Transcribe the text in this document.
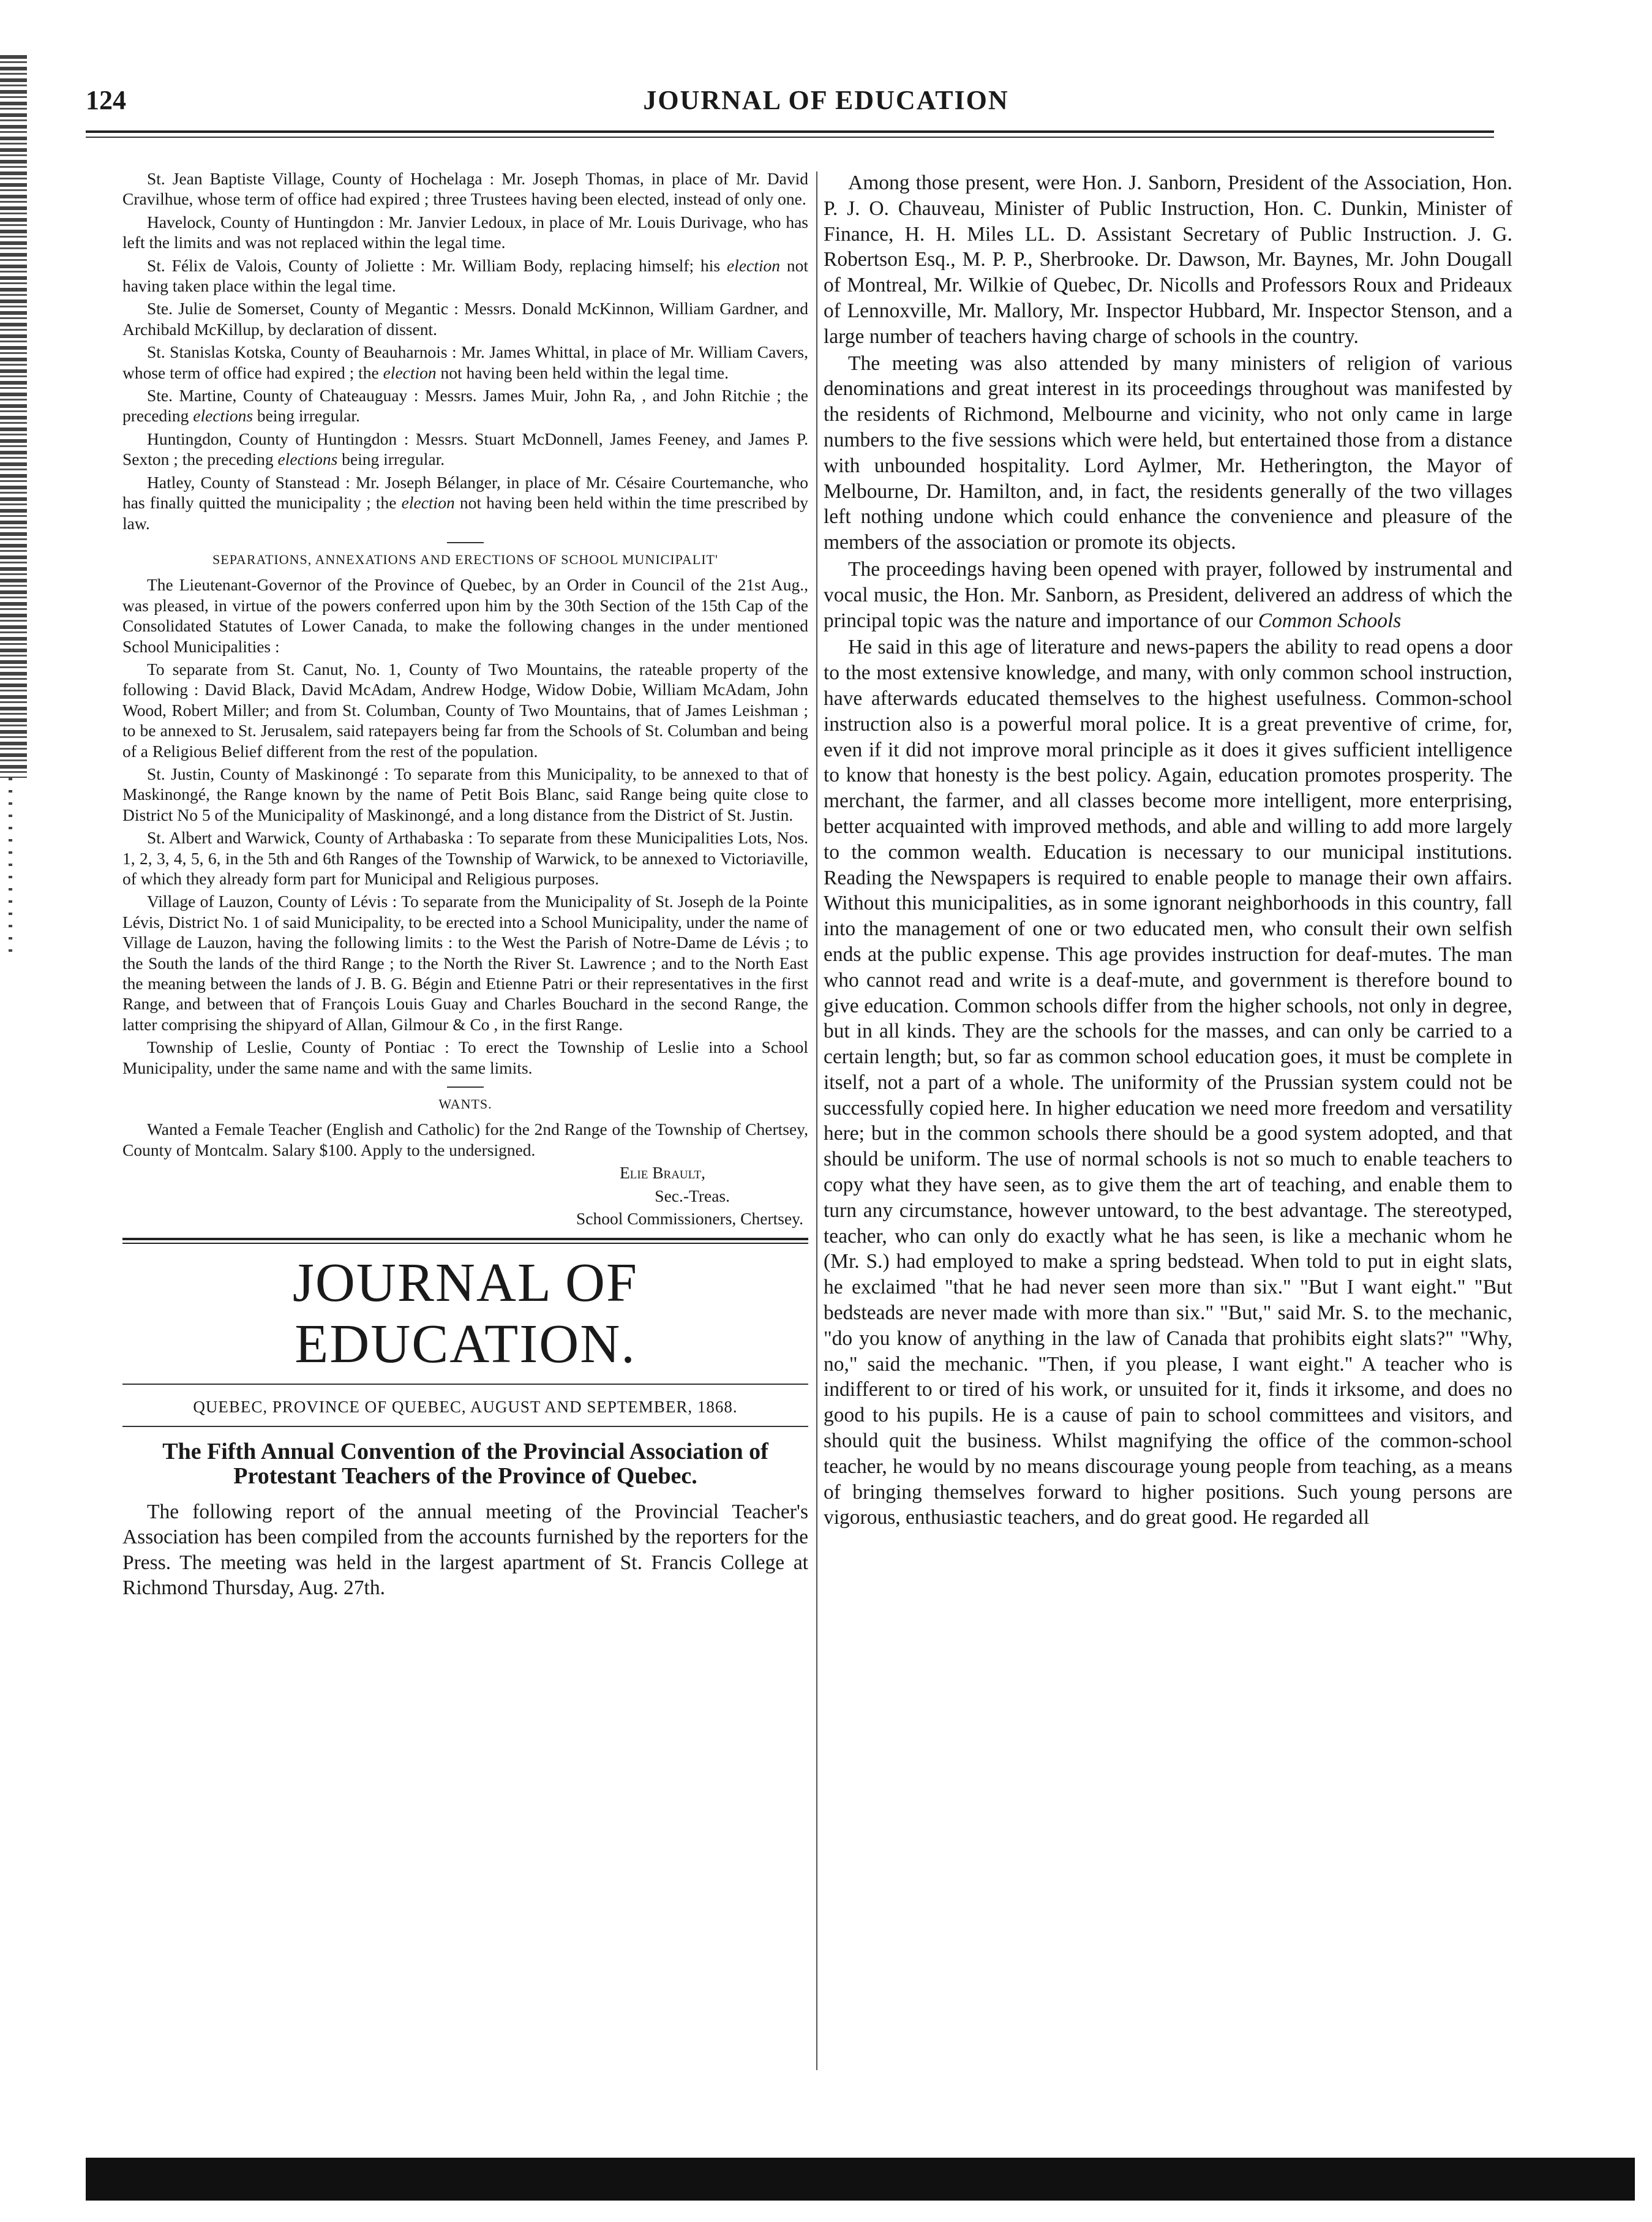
124	JOURNAL OF EDUCATION

St. Jean Baptiste Village, County of Hochelaga : Mr. Joseph Thomas, in place of Mr. David Cravilhue, whose term of office had expired ; three Trustees having been elected, instead of only one.

Havelock, County of Huntingdon : Mr. Janvier Ledoux, in place of Mr. Louis Durivage, who has left the limits and was not replaced within the legal time.

St. Félix de Valois, County of Joliette : Mr. William Body, replacing himself; his election not having taken place within the legal time.

Ste. Julie de Somerset, County of Megantic : Messrs. Donald McKinnon, William Gardner, and Archibald McKillup, by declaration of dissent.

St. Stanislas Kotska, County of Beauharnois : Mr. James Whittal, in place of Mr. William Cavers, whose term of office had expired ; the election not having been held within the legal time.

Ste. Martine, County of Chateauguay : Messrs. James Muir, John Ra, , and John Ritchie ; the preceding elections being irregular.

Huntingdon, County of Huntingdon : Messrs. Stuart McDonnell, James Feeney, and James P. Sexton ; the preceding elections being irregular.

Hatley, County of Stanstead : Mr. Joseph Bélanger, in place of Mr. Césaire Courtemanche, who has finally quitted the municipality ; the election not having been held within the time prescribed by law.

SEPARATIONS, ANNEXATIONS AND ERECTIONS OF SCHOOL MUNICIPALIT'

The Lieutenant-Governor of the Province of Quebec, by an Order in Council of the 21st Aug., was pleased, in virtue of the powers conferred upon him by the 30th Section of the 15th Cap of the Consolidated Statutes of Lower Canada, to make the following changes in the under mentioned School Municipalities :

To separate from St. Canut, No. 1, County of Two Mountains, the rateable property of the following : David Black, David McAdam, Andrew Hodge, Widow Dobie, William McAdam, John Wood, Robert Miller; and from St. Columban, County of Two Mountains, that of James Leishman ; to be annexed to St. Jerusalem, said ratepayers being far from the Schools of St. Columban and being of a Religious Belief different from the rest of the population.

St. Justin, County of Maskinongé : To separate from this Municipality, to be annexed to that of Maskinongé, the Range known by the name of Petit Bois Blanc, said Range being quite close to District No 5 of the Municipality of Maskinongé, and a long distance from the District of St. Justin.

St. Albert and Warwick, County of Arthabaska : To separate from these Municipalities Lots, Nos. 1, 2, 3, 4, 5, 6, in the 5th and 6th Ranges of the Township of Warwick, to be annexed to Victoriaville, of which they already form part for Municipal and Religious purposes.

Village of Lauzon, County of Lévis : To separate from the Municipality of St. Joseph de la Pointe Lévis, District No. 1 of said Municipality, to be erected into a School Municipality, under the name of Village de Lauzon, having the following limits : to the West the Parish of Notre-Dame de Lévis ; to the South the lands of the third Range ; to the North the River St. Lawrence ; and to the North East the meaning between the lands of J. B. G. Bégin and Etienne Patri or their representatives in the first Range, and between that of François Louis Guay and Charles Bouchard in the second Range, the latter comprising the shipyard of Allan, Gilmour & Co , in the first Range.

Township of Leslie, County of Pontiac : To erect the Township of Leslie into a School Municipality, under the same name and with the same limits.

WANTS.

Wanted a Female Teacher (English and Catholic) for the 2nd Range of the Township of Chertsey, County of Montcalm. Salary $100. Apply to the undersigned.

Elie Brault,

Sec.-Treas.

School Commissioners, Chertsey.

JOURNAL OF EDUCATION.
QUEBEC, PROVINCE OF QUEBEC, AUGUST AND SEPTEMBER, 1868.
The Fifth Annual Convention of the Provincial Association of Protestant Teachers of the Province of Quebec.

The following report of the annual meeting of the Provincial Teacher's Association has been compiled from the accounts furnished by the reporters for the Press. The meeting was held in the largest apartment of St. Francis College at Richmond Thursday, Aug. 27th.

Among those present, were Hon. J. Sanborn, President of the Association, Hon. P. J. O. Chauveau, Minister of Public Instruction, Hon. C. Dunkin, Minister of Finance, H. H. Miles LL. D. Assistant Secretary of Public Instruction. J. G. Robertson Esq., M. P. P., Sherbrooke. Dr. Dawson, Mr. Baynes, Mr. John Dougall of Montreal, Mr. Wilkie of Quebec, Dr. Nicolls and Professors Roux and Prideaux of Lennoxville, Mr. Mallory, Mr. Inspector Hubbard, Mr. Inspector Stenson, and a large number of teachers having charge of schools in the country.

The meeting was also attended by many ministers of religion of various denominations and great interest in its proceedings throughout was manifested by the residents of Richmond, Melbourne and vicinity, who not only came in large numbers to the five sessions which were held, but entertained those from a distance with unbounded hospitality. Lord Aylmer, Mr. Hetherington, the Mayor of Melbourne, Dr. Hamilton, and, in fact, the residents generally of the two villages left nothing undone which could enhance the convenience and pleasure of the members of the association or promote its objects.

The proceedings having been opened with prayer, followed by instrumental and vocal music, the Hon. Mr. Sanborn, as President, delivered an address of which the principal topic was the nature and importance of our Common Schools

He said in this age of literature and news-papers the ability to read opens a door to the most extensive knowledge, and many, with only common school instruction, have afterwards educated themselves to the highest usefulness. Common-school instruction also is a powerful moral police. It is a great preventive of crime, for, even if it did not improve moral principle as it does it gives sufficient intelligence to know that honesty is the best policy. Again, education promotes prosperity. The merchant, the farmer, and all classes become more intelligent, more enterprising, better acquainted with improved methods, and able and willing to add more largely to the common wealth. Education is necessary to our municipal institutions. Reading the Newspapers is required to enable people to manage their own affairs. Without this municipalities, as in some ignorant neighborhoods in this country, fall into the management of one or two educated men, who consult their own selfish ends at the public expense. This age provides instruction for deaf-mutes. The man who cannot read and write is a deaf-mute, and government is therefore bound to give education. Common schools differ from the higher schools, not only in degree, but in all kinds. They are the schools for the masses, and can only be carried to a certain length; but, so far as common school education goes, it must be complete in itself, not a part of a whole. The uniformity of the Prussian system could not be successfully copied here. In higher education we need more freedom and versatility here; but in the common schools there should be a good system adopted, and that should be uniform. The use of normal schools is not so much to enable teachers to copy what they have seen, as to give them the art of teaching, and enable them to turn any circumstance, however untoward, to the best advantage. The stereotyped, teacher, who can only do exactly what he has seen, is like a mechanic whom he (Mr. S.) had employed to make a spring bedstead. When told to put in eight slats, he exclaimed "that he had never seen more than six." "But I want eight." "But bedsteads are never made with more than six." "But," said Mr. S. to the mechanic, "do you know of anything in the law of Canada that prohibits eight slats?" "Why, no," said the mechanic. "Then, if you please, I want eight." A teacher who is indifferent to or tired of his work, or unsuited for it, finds it irksome, and does no good to his pupils. He is a cause of pain to school committees and visitors, and should quit the business. Whilst magnifying the office of the common-school teacher, he would by no means discourage young people from teaching, as a means of bringing themselves forward to higher positions. Such young persons are vigorous, enthusiastic teachers, and do great good. He regarded all
